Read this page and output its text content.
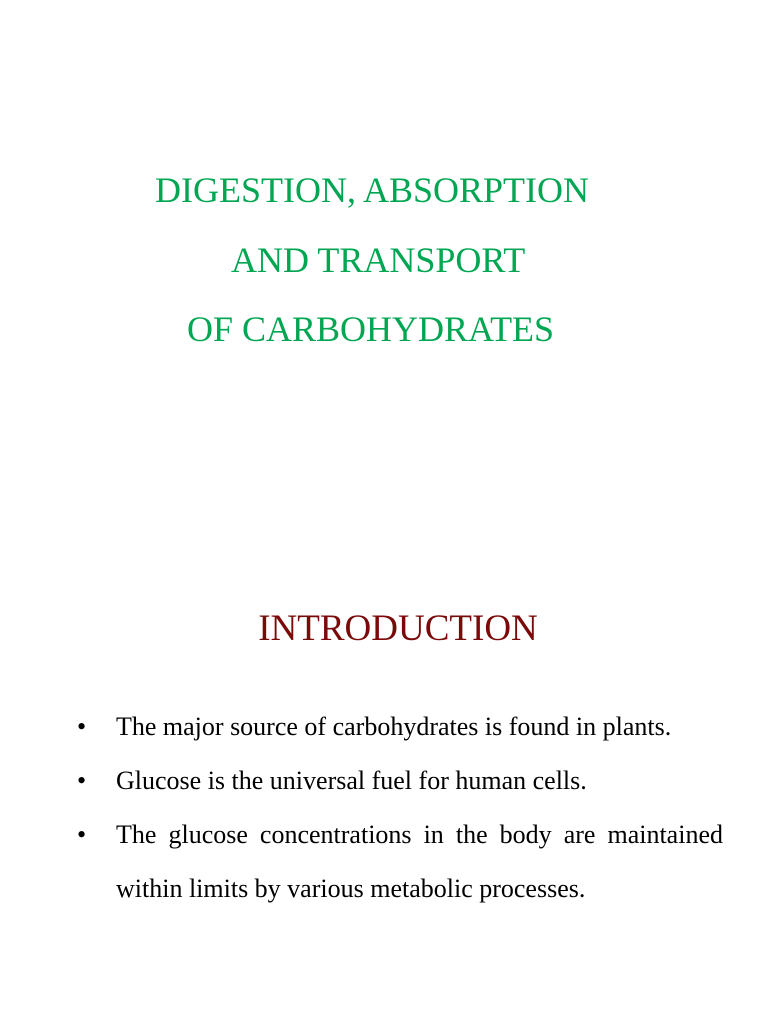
DIGESTION, ABSORPTION
AND TRANSPORT
OF CARBOHYDRATES
INTRODUCTION
•	The major source of carbohydrates is found in plants.
•	Glucose is the universal fuel for human cells.
•	The glucose concentrations in the body are maintained within limits by various metabolic processes.
